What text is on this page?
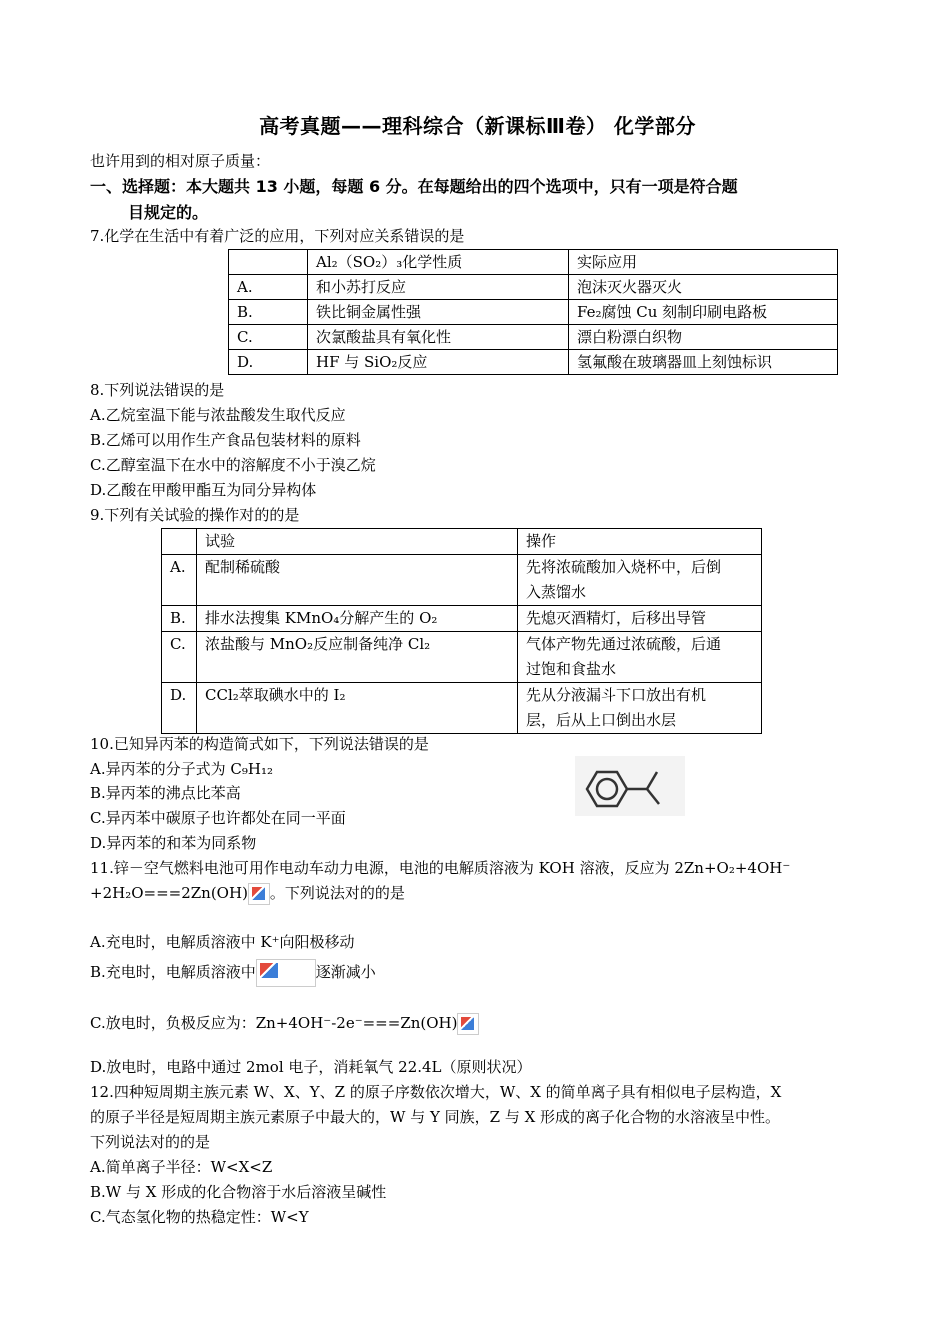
高考真题——理科综合（新课标Ⅲ卷） 化学部分
也许用到的相对原子质量：
一、选择题：本大题共 13 小题，每题 6 分。在每题给出的四个选项中，只有一项是符合题
目规定的。
7.化学在生活中有着广泛的应用，下列对应关系错误的是
	Al₂（SO₂）₃化学性质	实际应用
A.	和小苏打反应	泡沫灭火器灭火
B.	铁比铜金属性强	Fe₂腐蚀 Cu 刻制印刷电路板
C.	次氯酸盐具有氧化性	漂白粉漂白织物
D.	HF 与 SiO₂反应	氢氟酸在玻璃器皿上刻蚀标识
8.下列说法错误的是
A.乙烷室温下能与浓盐酸发生取代反应
B.乙烯可以用作生产食品包装材料的原料
C.乙醇室温下在水中的溶解度不小于溴乙烷
D.乙酸在甲酸甲酯互为同分异构体
9.下列有关试验的操作对的的是
	试验	操作
A.	配制稀硫酸	先将浓硫酸加入烧杯中，后倒
入蒸馏水

B.	排水法搜集 KMnO₄分解产生的 O₂	先熄灭酒精灯，后移出导管
C.	浓盐酸与 MnO₂反应制备纯净 Cl₂	气体产物先通过浓硫酸，后通
过饱和食盐水

D.	CCl₂萃取碘水中的 I₂	先从分液漏斗下口放出有机
层，后从上口倒出水层
10.已知异丙苯的构造简式如下，下列说法错误的是
A.异丙苯的分子式为 C₉H₁₂
B.异丙苯的沸点比苯高
C.异丙苯中碳原子也许都处在同一平面
D.异丙苯的和苯为同系物
11.锌－空气燃料电池可用作电动车动力电源，电池的电解质溶液为 KOH 溶液，反应为 2Zn+O₂+4OH⁻
+2H₂O===2Zn(OH) 。下列说法对的的是
A.充电时，电解质溶液中 K⁺向阳极移动
B.充电时，电解质溶液中	逐渐减小
C.放电时，负极反应为：Zn+4OH⁻-2e⁻===Zn(OH)
D.放电时，电路中通过 2mol 电子，消耗氧气 22.4L（原则状况）
12.四种短周期主族元素 W、X、Y、Z 的原子序数依次增大，W、X 的简单离子具有相似电子层构造，X
的原子半径是短周期主族元素原子中最大的，W 与 Y 同族，Z 与 X 形成的离子化合物的水溶液呈中性。
下列说法对的的是
A.简单离子半径：W<X<Z
B.W 与 X 形成的化合物溶于水后溶液呈碱性
C.气态氢化物的热稳定性：W<Y
